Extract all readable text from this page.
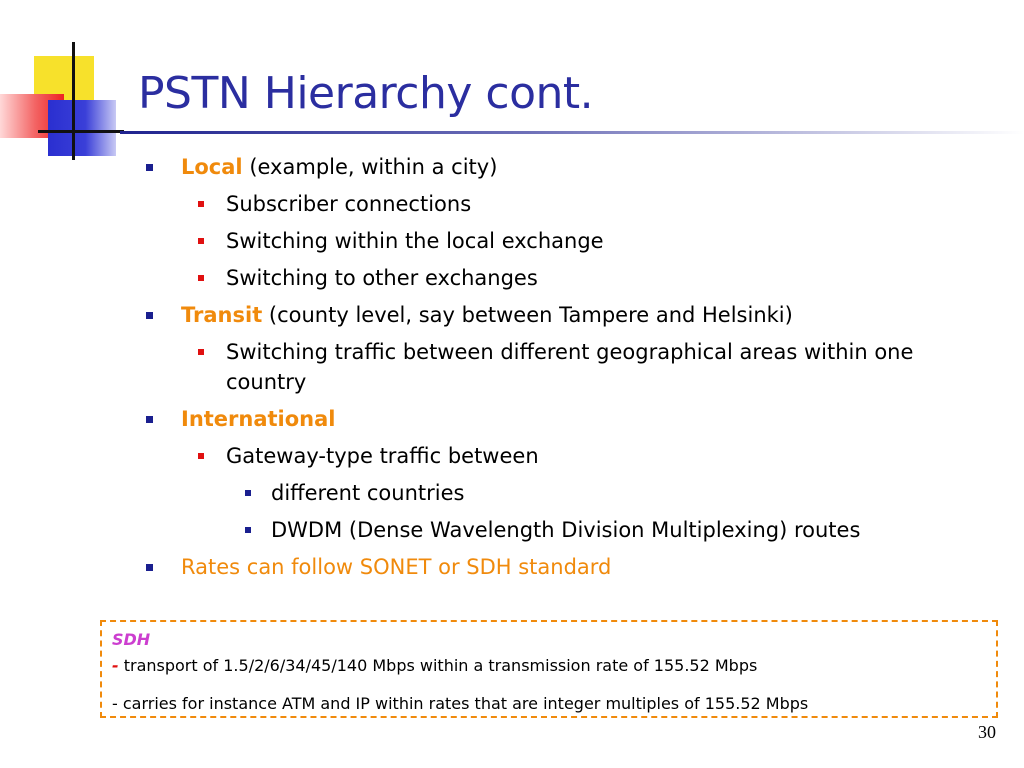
PSTN Hierarchy cont.
Local (example, within a city)
Subscriber connections
Switching within the local exchange
Switching to other exchanges
Transit (county level, say between Tampere and Helsinki)
Switching traffic between different geographical areas within one
country
International
Gateway-type traffic between
different countries
DWDM (Dense Wavelength Division Multiplexing) routes
Rates can follow SONET or SDH standard
SDH
- transport of 1.5/2/6/34/45/140 Mbps within a transmission rate of 155.52 Mbps
- carries for instance ATM and IP within rates that are integer multiples of 155.52 Mbps
30
